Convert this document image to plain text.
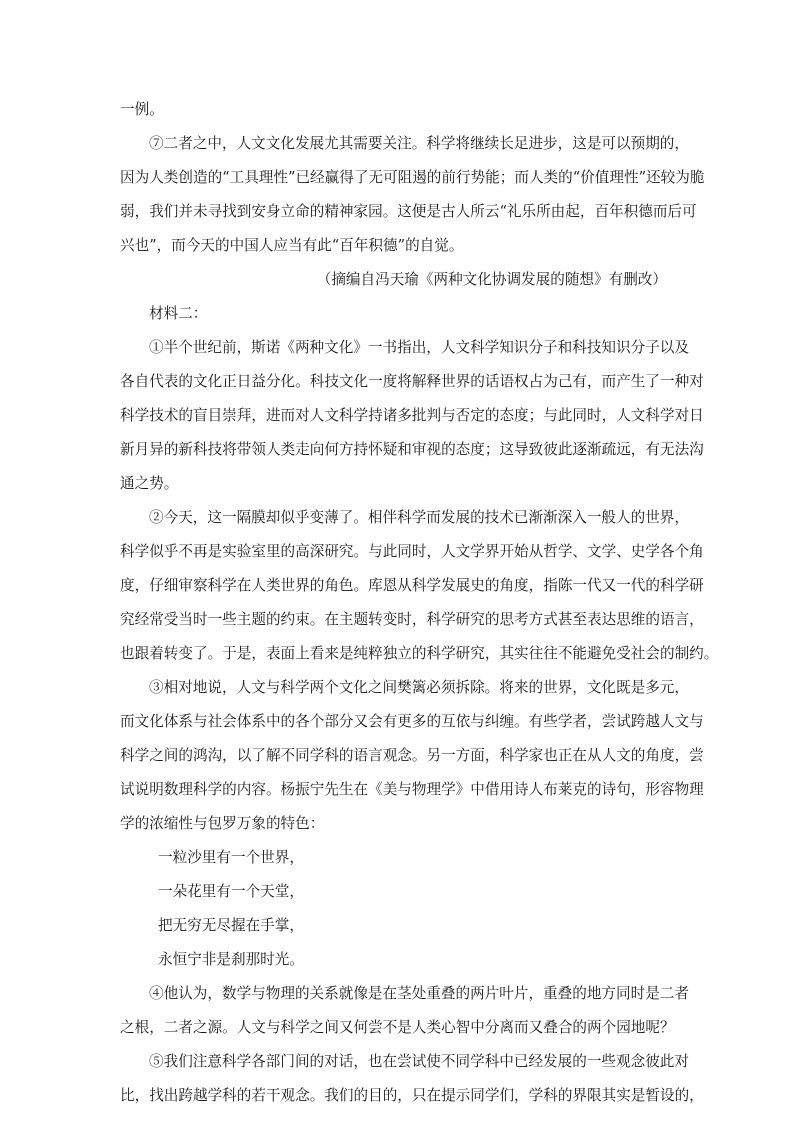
一例。
⑦二者之中，人文文化发展尤其需要关注。科学将继续长足进步，这是可以预期的，
因为人类创造的“工具理性”已经赢得了无可阻遏的前行势能；而人类的“价值理性”还较为脆
弱，我们并未寻找到安身立命的精神家园。这便是古人所云“礼乐所由起，百年积德而后可
兴也”，而今天的中国人应当有此“百年积德”的自觉。
（摘编自冯天瑜《两种文化协调发展的随想》有删改）
材料二：
①半个世纪前，斯诺《两种文化》一书指出，人文科学知识分子和科技知识分子以及
各自代表的文化正日益分化。科技文化一度将解释世界的话语权占为己有，而产生了一种对
科学技术的盲目崇拜，进而对人文科学持诸多批判与否定的态度；与此同时，人文科学对日
新月异的新科技将带领人类走向何方持怀疑和审视的态度；这导致彼此逐渐疏远，有无法沟
通之势。
②今天，这一隔膜却似乎变薄了。相伴科学而发展的技术已渐渐深入一般人的世界，
科学似乎不再是实验室里的高深研究。与此同时，人文学界开始从哲学、文学、史学各个角
度，仔细审察科学在人类世界的角色。库恩从科学发展史的角度，指陈一代又一代的科学研
究经常受当时一些主题的约束。在主题转变时，科学研究的思考方式甚至表达思维的语言，
也跟着转变了。于是，表面上看来是纯粹独立的科学研究，其实往往不能避免受社会的制约。
③相对地说，人文与科学两个文化之间樊篱必须拆除。将来的世界，文化既是多元，
而文化体系与社会体系中的各个部分又会有更多的互依与纠缠。有些学者，尝试跨越人文与
科学之间的鸿沟，以了解不同学科的语言观念。另一方面，科学家也正在从人文的角度，尝
试说明数理科学的内容。杨振宁先生在《美与物理学》中借用诗人布莱克的诗句，形容物理
学的浓缩性与包罗万象的特色：
一粒沙里有一个世界，
一朵花里有一个天堂，
把无穷无尽握在手掌，
永恒宁非是刹那时光。
④他认为，数学与物理的关系就像是在茎处重叠的两片叶片，重叠的地方同时是二者
之根，二者之源。人文与科学之间又何尝不是人类心智中分离而又叠合的两个园地呢？
⑤我们注意科学各部门间的对话，也在尝试使不同学科中已经发展的一些观念彼此对
比，找出跨越学科的若干观念。我们的目的，只在提示同学们，学科的界限其实是暂设的，
